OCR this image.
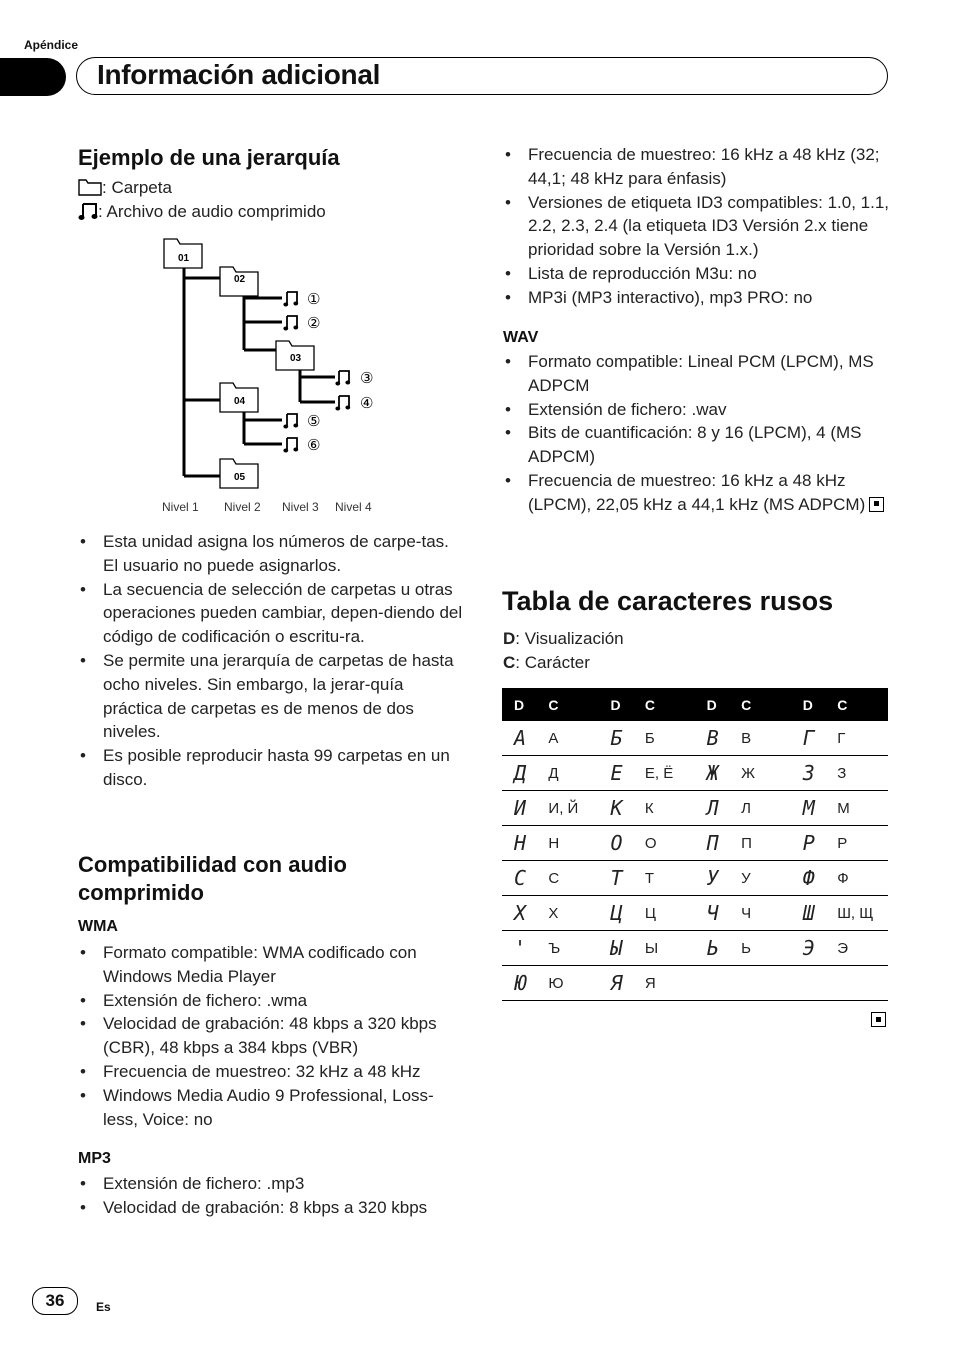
Apéndice
Información adicional
Ejemplo de una jerarquía
: Carpeta
: Archivo de audio comprimido
01
02
03
04
05
①
②
③
④
⑤
⑥
Nivel 1 Nivel 2 Nivel 3 Nivel 4
• Esta unidad asigna los números de carpe-tas. El usuario no puede asignarlos.
• La secuencia de selección de carpetas u otras operaciones pueden cambiar, depen-diendo del código de codificación o escritu-ra.
• Se permite una jerarquía de carpetas de hasta ocho niveles. Sin embargo, la jerar-quía práctica de carpetas es de menos de dos niveles.
• Es posible reproducir hasta 99 carpetas en un disco.
Compatibilidad con audio comprimido
WMA
• Formato compatible: WMA codificado con Windows Media Player
• Extensión de fichero: .wma
• Velocidad de grabación: 48 kbps a 320 kbps (CBR), 48 kbps a 384 kbps (VBR)
• Frecuencia de muestreo: 32 kHz a 48 kHz
• Windows Media Audio 9 Professional, Loss-less, Voice: no
MP3
• Extensión de fichero: .mp3
• Velocidad de grabación: 8 kbps a 320 kbps
• Frecuencia de muestreo: 16 kHz a 48 kHz (32; 44,1; 48 kHz para énfasis)
• Versiones de etiqueta ID3 compatibles: 1.0, 1.1, 2.2, 2.3, 2.4 (la etiqueta ID3 Versión 2.x tiene prioridad sobre la Versión 1.x.)
• Lista de reproducción M3u: no
• MP3i (MP3 interactivo), mp3 PRO: no
WAV
• Formato compatible: Lineal PCM (LPCM), MS ADPCM
• Extensión de fichero: .wav
• Bits de cuantificación: 8 y 16 (LPCM), 4 (MS ADPCM)
• Frecuencia de muestreo: 16 kHz a 48 kHz (LPCM), 22,05 kHz a 44,1 kHz (MS ADPCM)
Tabla de caracteres rusos
D: Visualización
C: Carácter
D	C	D	C	D	C	D	C
A	А	Б	Б	B	В	Г	Г
Д	Д	E	Е, Ё	Ж	Ж	З	З
И	И, Й	K	К	Л	Л	M	М
H	Н	O	О	П	П	P	Р
C	С	T	Т	У	У	Ф	Ф
X	Х	Ц	Ц	Ч	Ч	Ш	Ш, Щ
'	Ъ	Ы	Ы	Ь	Ь	Э	Э
Ю	Ю	Я	Я				
36	Es
